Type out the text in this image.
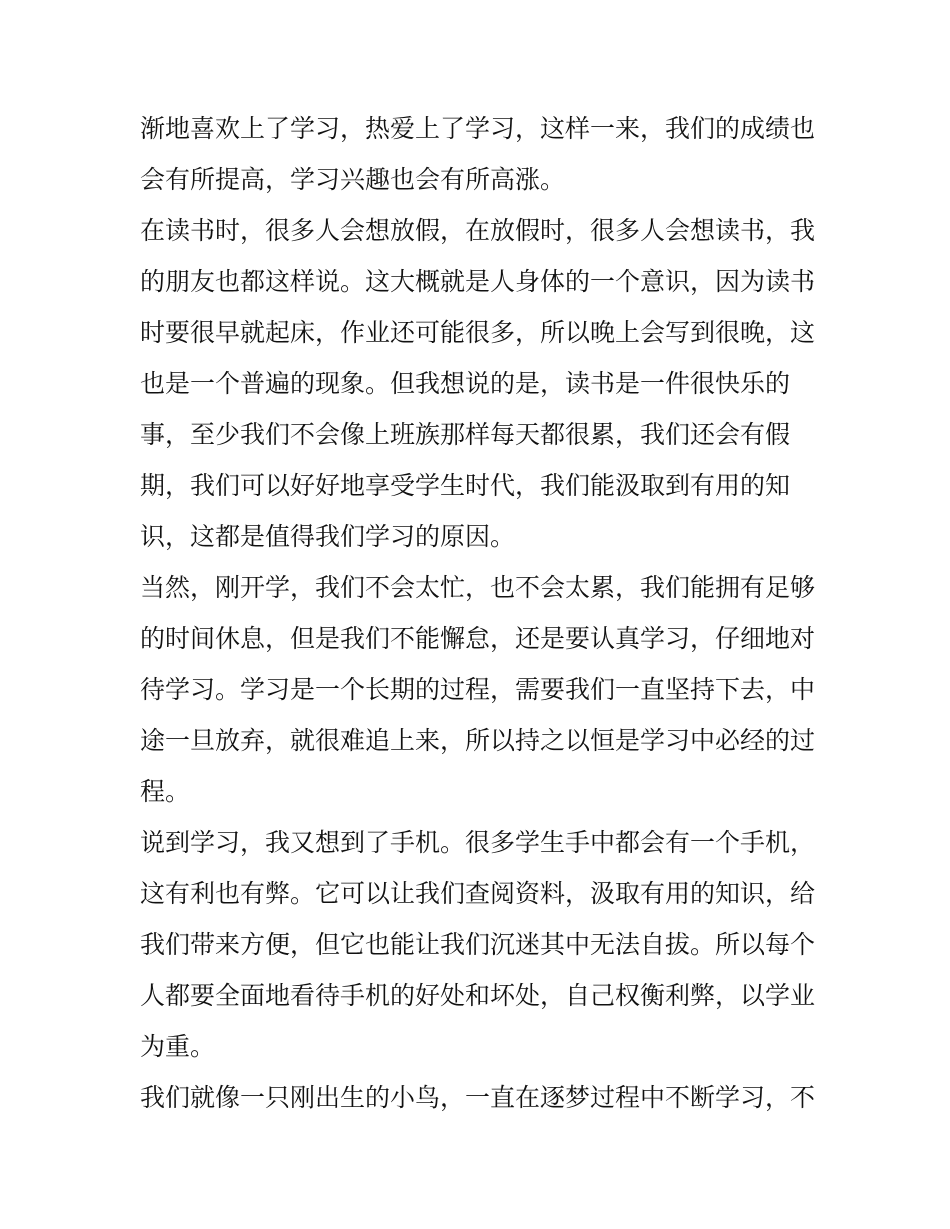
渐地喜欢上了学习，热爱上了学习，这样一来，我们的成绩也
会有所提高，学习兴趣也会有所高涨。
在读书时，很多人会想放假，在放假时，很多人会想读书，我
的朋友也都这样说。这大概就是人身体的一个意识，因为读书
时要很早就起床，作业还可能很多，所以晚上会写到很晚，这
也是一个普遍的现象。但我想说的是，读书是一件很快乐的
事，至少我们不会像上班族那样每天都很累，我们还会有假
期，我们可以好好地享受学生时代，我们能汲取到有用的知
识，这都是值得我们学习的原因。
当然，刚开学，我们不会太忙，也不会太累，我们能拥有足够
的时间休息，但是我们不能懈怠，还是要认真学习，仔细地对
待学习。学习是一个长期的过程，需要我们一直坚持下去，中
途一旦放弃，就很难追上来，所以持之以恒是学习中必经的过
程。
说到学习，我又想到了手机。很多学生手中都会有一个手机，
这有利也有弊。它可以让我们查阅资料，汲取有用的知识，给
我们带来方便，但它也能让我们沉迷其中无法自拔。所以每个
人都要全面地看待手机的好处和坏处，自己权衡利弊，以学业
为重。
我们就像一只刚出生的小鸟，一直在逐梦过程中不断学习，不
